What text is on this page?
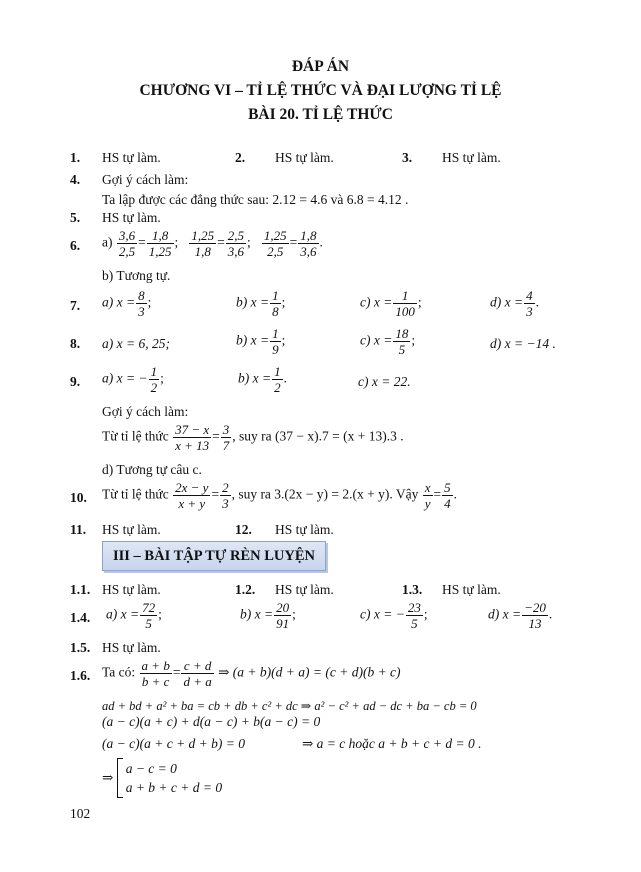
ĐÁP ÁN
CHƯƠNG VI – TỈ LỆ THỨC VÀ ĐẠI LƯỢNG TỈ LỆ
BÀI 20. TỈ LỆ THỨC
1. HS tự làm.	2. HS tự làm.	3. HS tự làm.
4. Gợi ý cách làm:
Ta lập được các đẳng thức sau: 2.12 = 4.6 và 6.8 = 4.12 .
5. HS tự làm.
6. $a) \frac{3,6}{2,5} = \frac{1,8}{1,25}$ ; $\frac{1,25}{1,8} = \frac{2,5}{3,6}$ ; $\frac{1,25}{2,5} = \frac{1,8}{3,6}$ .
b) Tương tự.
7. a) $x = \frac{8}{3}$ ;	b) $x = \frac{1}{8}$ ;	c) $x = \frac{1}{100}$ ;	d) $x = \frac{4}{3}$ .
8. a) x = 6, 25;	b) $x = \frac{1}{9}$ ;	c) $x = \frac{18}{5}$ ;	d) x = −14 .
9. a) x = − $\frac{1}{2}$ ;	b) $x = \frac{1}{2}$ .	c) x = 22.
Gợi ý cách làm:
Từ tỉ lệ thức $\frac{37 - x}{x + 13} = \frac{3}{7}$ , suy ra (37 − x).7 = (x + 13).3 .
d) Tương tự câu c.
10. Từ tỉ lệ thức $\frac{2x - y}{x + y} = \frac{2}{3}$ , suy ra 3.(2x − y) = 2.(x + y). Vậy $\frac{x}{y} = \frac{5}{4}$ .
11. HS tự làm.	12. HS tự làm.
III – BÀI TẬP TỰ RÈN LUYỆN
1.1. HS tự làm.	1.2. HS tự làm.	1.3. HS tự làm.
1.4. a) $x = \frac{72}{5}$ ;	b) $x = \frac{20}{91}$ ;	c) x = − $\frac{23}{5}$ ;	d) $x = \frac{-20}{13}$ .
1.5. HS tự làm.
1.6. Ta có: $\frac{a + b}{b + c} = \frac{c + d}{d + a}$ ⇒ (a + b)(d + a) = (c + d)(b + c)
ad + bd + a² + ba = cb + db + c² + dc ⇒ a² − c² + ad − dc + ba − cb = 0
(a − c)(a + c) + d(a − c) + b(a − c) = 0
(a − c)(a + c + d + b) = 0	⇒ a = c hoặc a + b + c + d = 0 .
⇒
a − c = 0
a + b + c + d = 0
102
